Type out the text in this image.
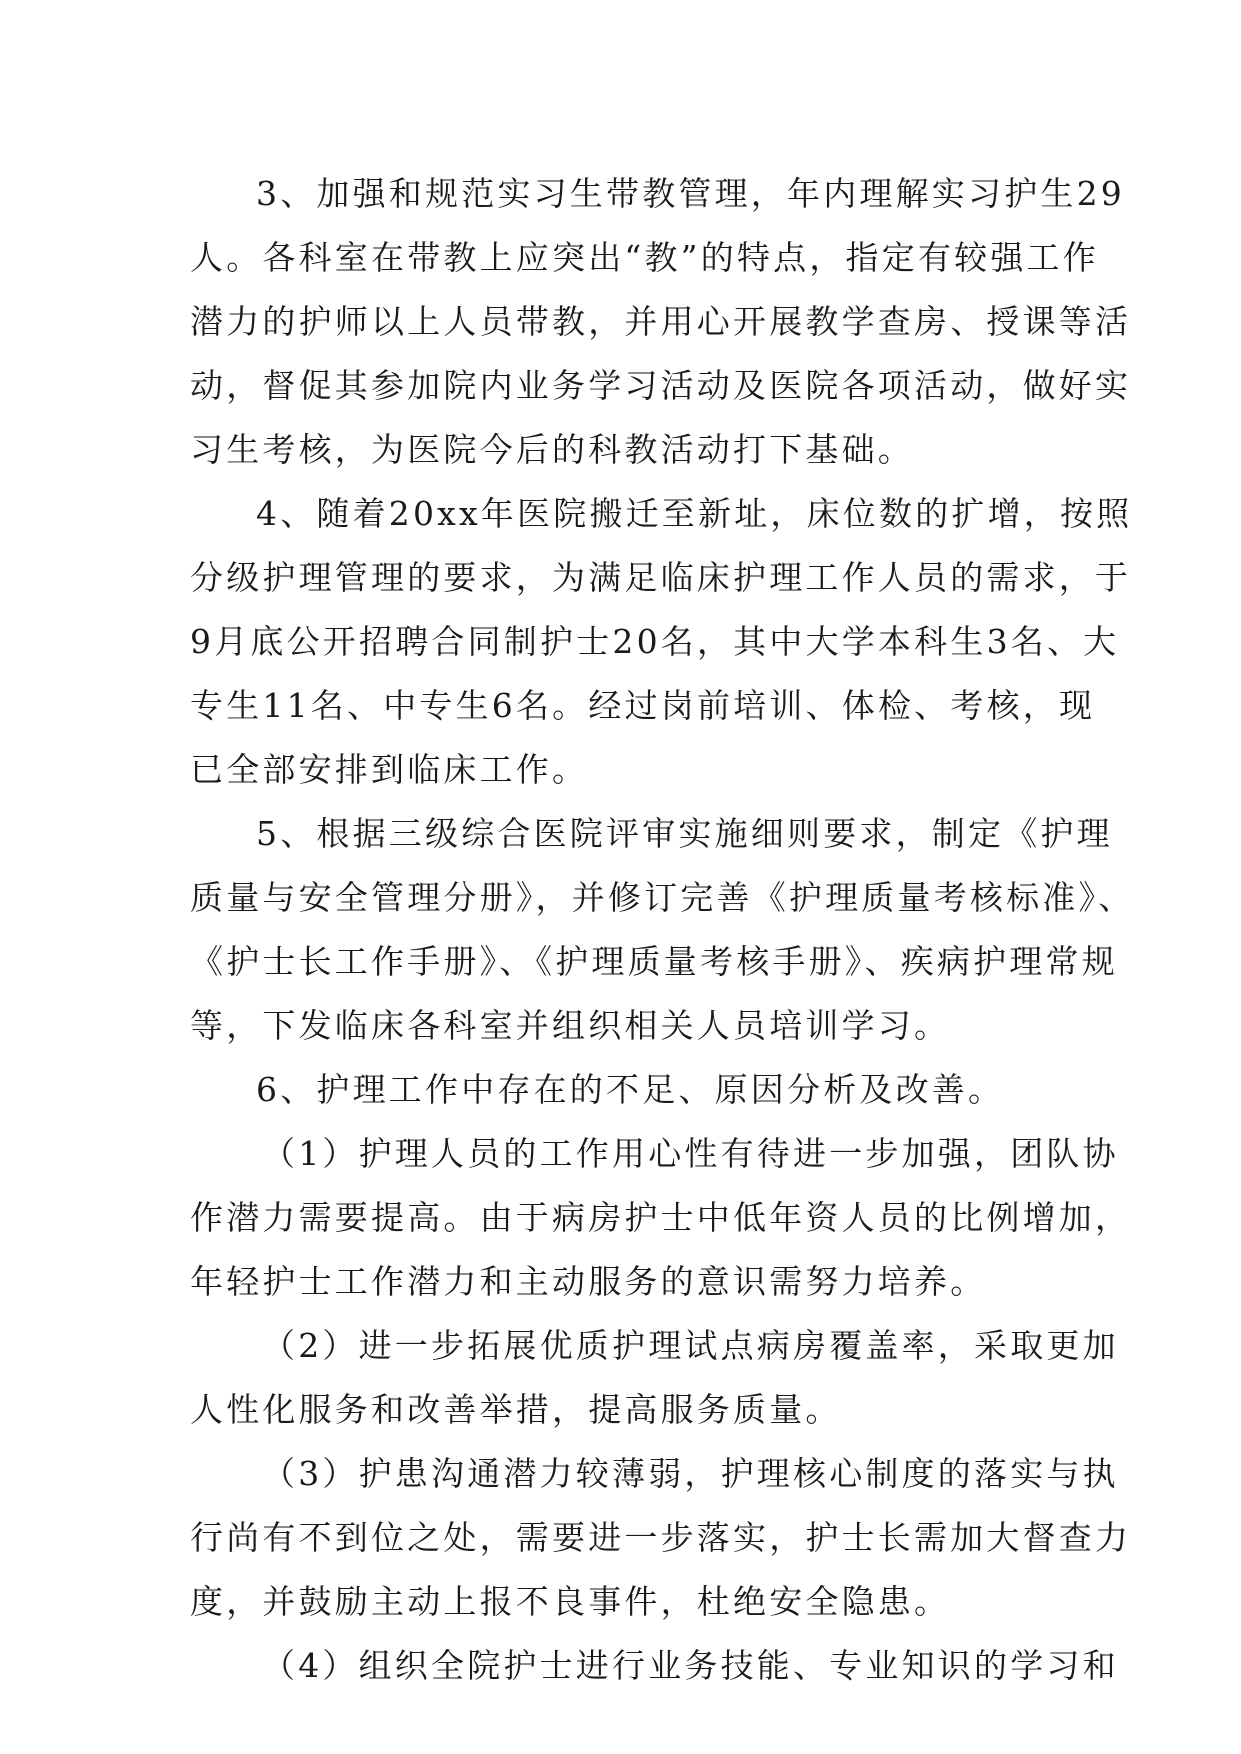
3、加强和规范实习生带教管理，年内理解实习护生29
人。各科室在带教上应突出“教”的特点，指定有较强工作
潜力的护师以上人员带教，并用心开展教学查房、授课等活
动，督促其参加院内业务学习活动及医院各项活动，做好实
习生考核，为医院今后的科教活动打下基础。

4、随着20xx年医院搬迁至新址，床位数的扩增，按照
分级护理管理的要求，为满足临床护理工作人员的需求，于
9月底公开招聘合同制护士20名，其中大学本科生3名、大
专生11名、中专生6名。经过岗前培训、体检、考核，现
已全部安排到临床工作。

5、根据三级综合医院评审实施细则要求，制定《护理
质量与安全管理分册》，并修订完善《护理质量考核标准》、
《护士长工作手册》、《护理质量考核手册》、疾病护理常规
等，下发临床各科室并组织相关人员培训学习。

6、护理工作中存在的不足、原因分析及改善。

（1）护理人员的工作用心性有待进一步加强，团队协
作潜力需要提高。由于病房护士中低年资人员的比例增加，
年轻护士工作潜力和主动服务的意识需努力培养。

（2）进一步拓展优质护理试点病房覆盖率，采取更加
人性化服务和改善举措，提高服务质量。

（3）护患沟通潜力较薄弱，护理核心制度的落实与执
行尚有不到位之处，需要进一步落实，护士长需加大督查力
度，并鼓励主动上报不良事件，杜绝安全隐患。

（4）组织全院护士进行业务技能、专业知识的学习和
